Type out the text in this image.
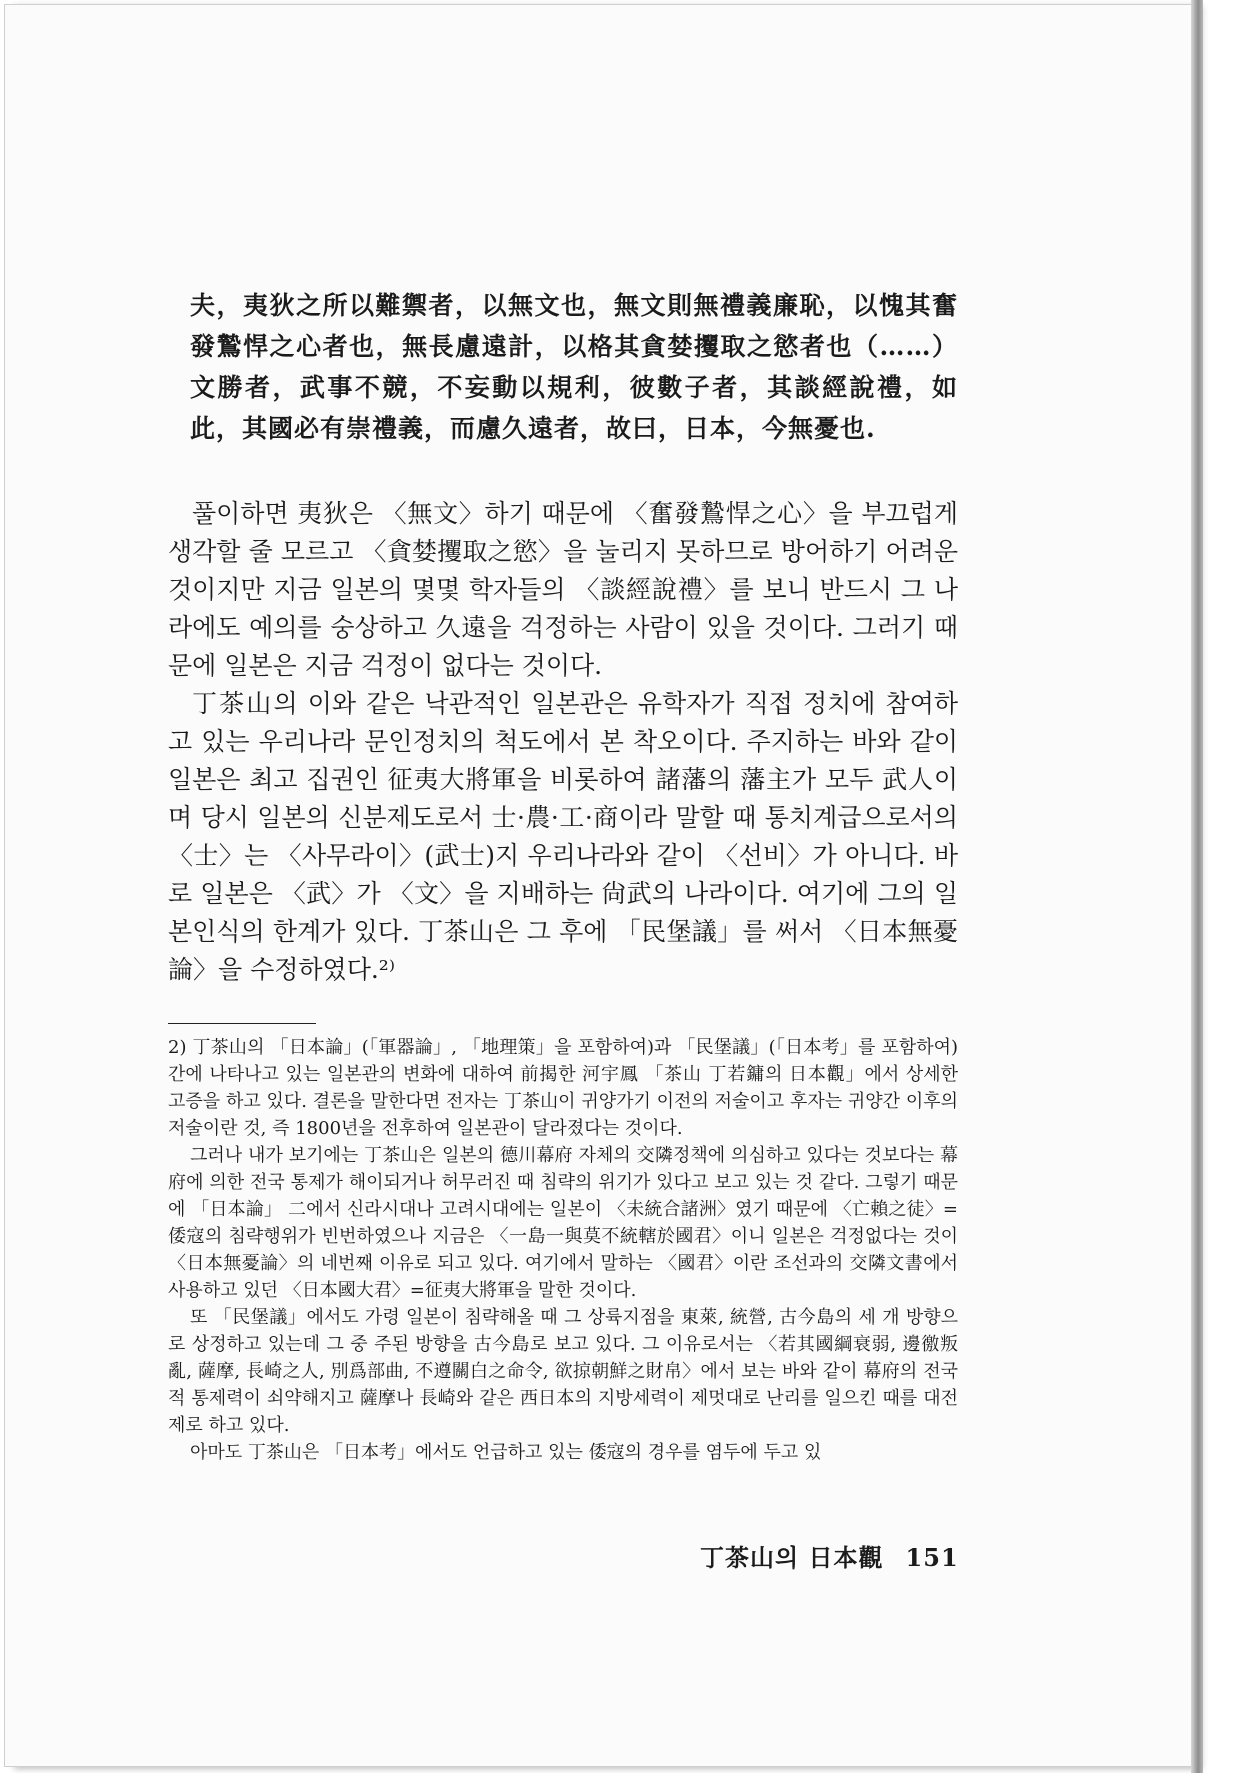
夫，夷狄之所以難禦者，以無文也，無文則無禮義廉恥，以愧其奮發鷙悍之心者也，無長慮遠計，以格其貪婪攫取之慾者也（……）文勝者，武事不競，不妄動以規利，彼數子者，其談經說禮，如此，其國必有崇禮義，而慮久遠者，故曰，日本，今無憂也.

풀이하면 夷狄은 〈無文〉하기 때문에 〈奮發鷙悍之心〉을 부끄럽게 생각할 줄 모르고 〈貪婪攫取之慾〉을 눌리지 못하므로 방어하기 어려운 것이지만 지금 일본의 몇몇 학자들의 〈談經說禮〉를 보니 반드시 그 나라에도 예의를 숭상하고 久遠을 걱정하는 사람이 있을 것이다. 그러기 때문에 일본은 지금 걱정이 없다는 것이다.

丁茶山의 이와 같은 낙관적인 일본관은 유학자가 직접 정치에 참여하고 있는 우리나라 문인정치의 척도에서 본 착오이다. 주지하는 바와 같이 일본은 최고 집권인 征夷大將軍을 비롯하여 諸藩의 藩主가 모두 武人이며 당시 일본의 신분제도로서 士·農·工·商이라 말할 때 통치계급으로서의 〈士〉는 〈사무라이〉(武士)지 우리나라와 같이 〈선비〉가 아니다. 바로 일본은 〈武〉가 〈文〉을 지배하는 尙武의 나라이다. 여기에 그의 일본인식의 한계가 있다. 丁茶山은 그 후에 「民堡議」를 써서 〈日本無憂論〉을 수정하였다.²⁾

2) 丁茶山의 「日本論」(「軍器論」, 「地理策」을 포함하여)과 「民堡議」(「日本考」를 포함하여)간에 나타나고 있는 일본관의 변화에 대하여 前揭한 河宇鳳 「茶山 丁若鏞의 日本觀」에서 상세한 고증을 하고 있다. 결론을 말한다면 전자는 丁茶山이 귀양가기 이전의 저술이고 후자는 귀양간 이후의 저술이란 것, 즉 1800년을 전후하여 일본관이 달라졌다는 것이다.

그러나 내가 보기에는 丁茶山은 일본의 德川幕府 자체의 交隣정책에 의심하고 있다는 것보다는 幕府에 의한 전국 통제가 해이되거나 허무러진 때 침략의 위기가 있다고 보고 있는 것 같다. 그렇기 때문에 「日本論」 二에서 신라시대나 고려시대에는 일본이 〈未統合諸洲〉였기 때문에 〈亡賴之徒〉=倭寇의 침략행위가 빈번하였으나 지금은 〈一島一與莫不統轄於國君〉이니 일본은 걱정없다는 것이 〈日本無憂論〉의 네번째 이유로 되고 있다. 여기에서 말하는 〈國君〉이란 조선과의 交隣文書에서 사용하고 있던 〈日本國大君〉=征夷大將軍을 말한 것이다.

또 「民堡議」에서도 가령 일본이 침략해올 때 그 상륙지점을 東萊, 統營, 古今島의 세 개 방향으로 상정하고 있는데 그 중 주된 방향을 古今島로 보고 있다. 그 이유로서는 〈若其國綱衰弱, 邊徼叛亂, 薩摩, 長崎之人, 別爲部曲, 不遵關白之命令, 欲掠朝鮮之財帛〉에서 보는 바와 같이 幕府의 전국적 통제력이 쇠약해지고 薩摩나 長崎와 같은 西日本의 지방세력이 제멋대로 난리를 일으킨 때를 대전제로 하고 있다.

아마도 丁茶山은 「日本考」에서도 언급하고 있는 倭寇의 경우를 염두에 두고 있

丁茶山의 日本觀 151
